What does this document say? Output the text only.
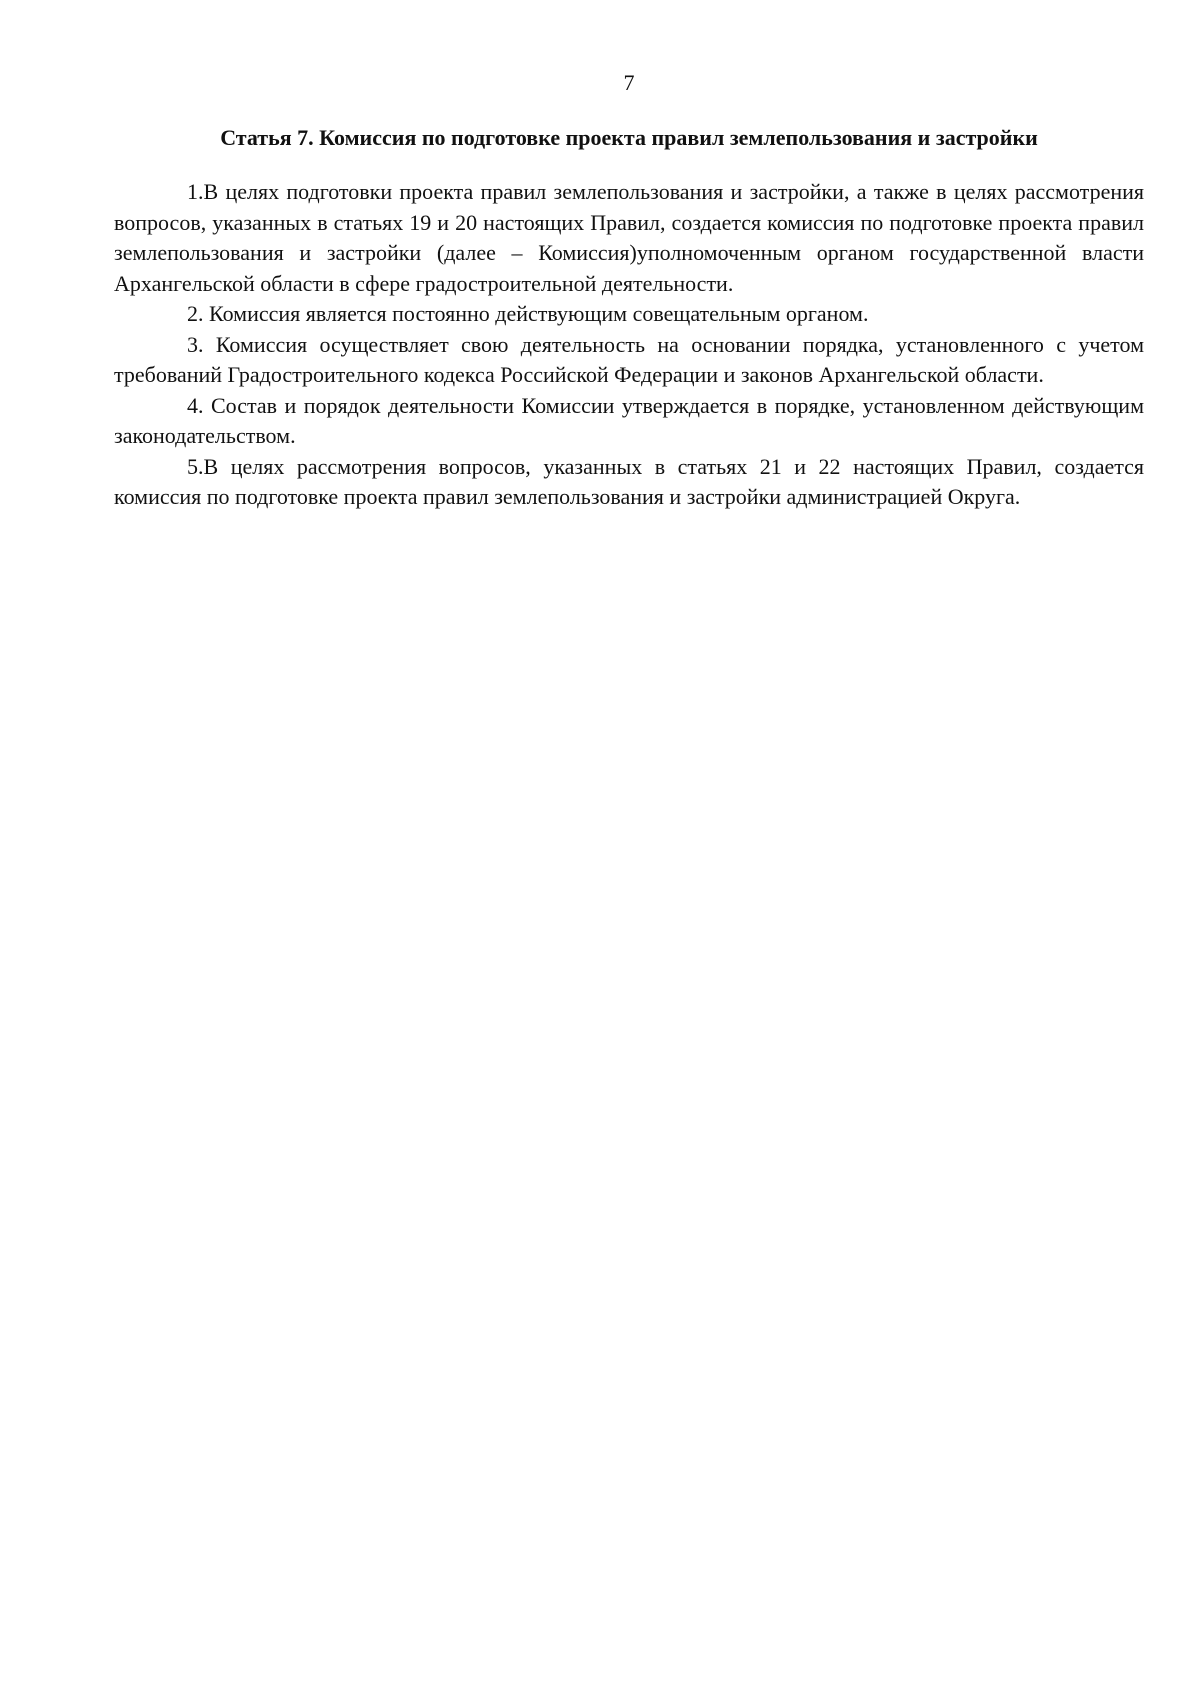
7
Статья 7. Комиссия по подготовке проекта правил землепользования и застройки

1.В целях подготовки проекта правил землепользования и застройки, а также в целях рассмотрения вопросов, указанных в статьях 19 и 20 настоящих Правил, создается комиссия по подготовке проекта правил землепользования и застройки (далее – Комиссия)уполномоченным органом государственной власти Архангельской области в сфере градостроительной деятельности.

2. Комиссия является постоянно действующим совещательным органом.

3. Комиссия осуществляет свою деятельность на основании порядка, установленного с учетом требований Градостроительного кодекса Российской Федерации и законов Архангельской области.

4. Состав и порядок деятельности Комиссии утверждается в порядке, установленном действующим законодательством.

5.В целях рассмотрения вопросов, указанных в статьях 21 и 22 настоящих Правил, создается комиссия по подготовке проекта правил землепользования и застройки администрацией Округа.
